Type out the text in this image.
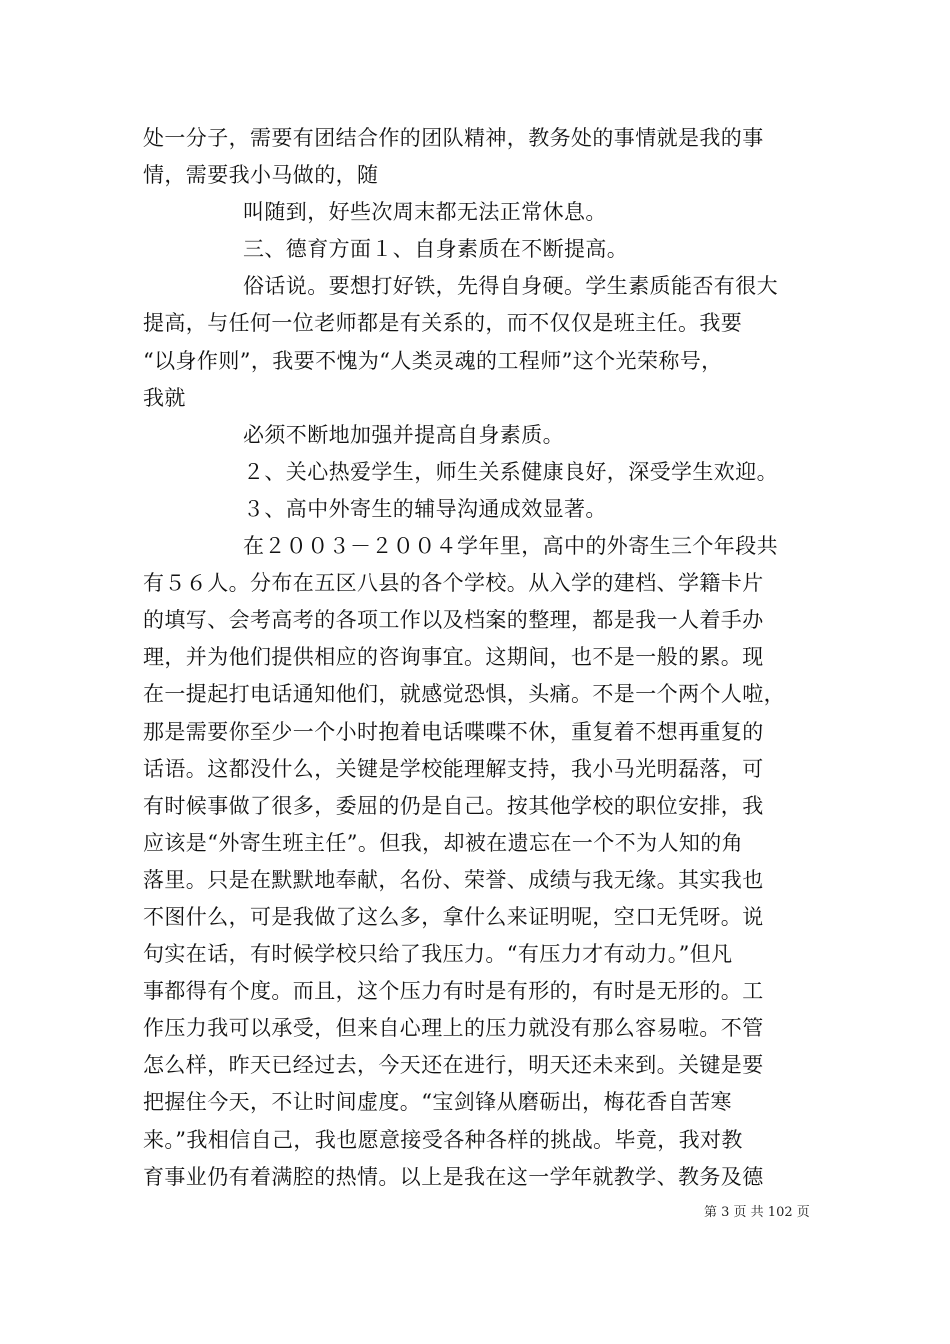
处一分子，需要有团结合作的团队精神，教务处的事情就是我的事
情，需要我小马做的，随
叫随到，好些次周末都无法正常休息。
三、德育方面１、自身素质在不断提高。
俗话说。要想打好铁，先得自身硬。学生素质能否有很大
提高，与任何一位老师都是有关系的，而不仅仅是班主任。我要
“以身作则”，我要不愧为“人类灵魂的工程师”这个光荣称号，
我就
必须不断地加强并提高自身素质。
２、关心热爱学生，师生关系健康良好，深受学生欢迎。
３、高中外寄生的辅导沟通成效显著。
在２００３－２００４学年里，高中的外寄生三个年段共
有５６人。分布在五区八县的各个学校。从入学的建档、学籍卡片
的填写、会考高考的各项工作以及档案的整理，都是我一人着手办
理，并为他们提供相应的咨询事宜。这期间，也不是一般的累。现
在一提起打电话通知他们，就感觉恐惧，头痛。不是一个两个人啦，
那是需要你至少一个小时抱着电话喋喋不休，重复着不想再重复的
话语。这都没什么，关键是学校能理解支持，我小马光明磊落，可
有时候事做了很多，委屈的仍是自己。按其他学校的职位安排，我
应该是“外寄生班主任”。但我，却被在遗忘在一个不为人知的角
落里。只是在默默地奉献，名份、荣誉、成绩与我无缘。其实我也
不图什么，可是我做了这么多，拿什么来证明呢，空口无凭呀。说
句实在话，有时候学校只给了我压力。“有压力才有动力。”但凡
事都得有个度。而且，这个压力有时是有形的，有时是无形的。工
作压力我可以承受，但来自心理上的压力就没有那么容易啦。不管
怎么样，昨天已经过去，今天还在进行，明天还未来到。关键是要
把握住今天，不让时间虚度。“宝剑锋从磨砺出，梅花香自苦寒
来。”我相信自己，我也愿意接受各种各样的挑战。毕竟，我对教
育事业仍有着满腔的热情。以上是我在这一学年就教学、教务及德
第 3 页 共 102 页
